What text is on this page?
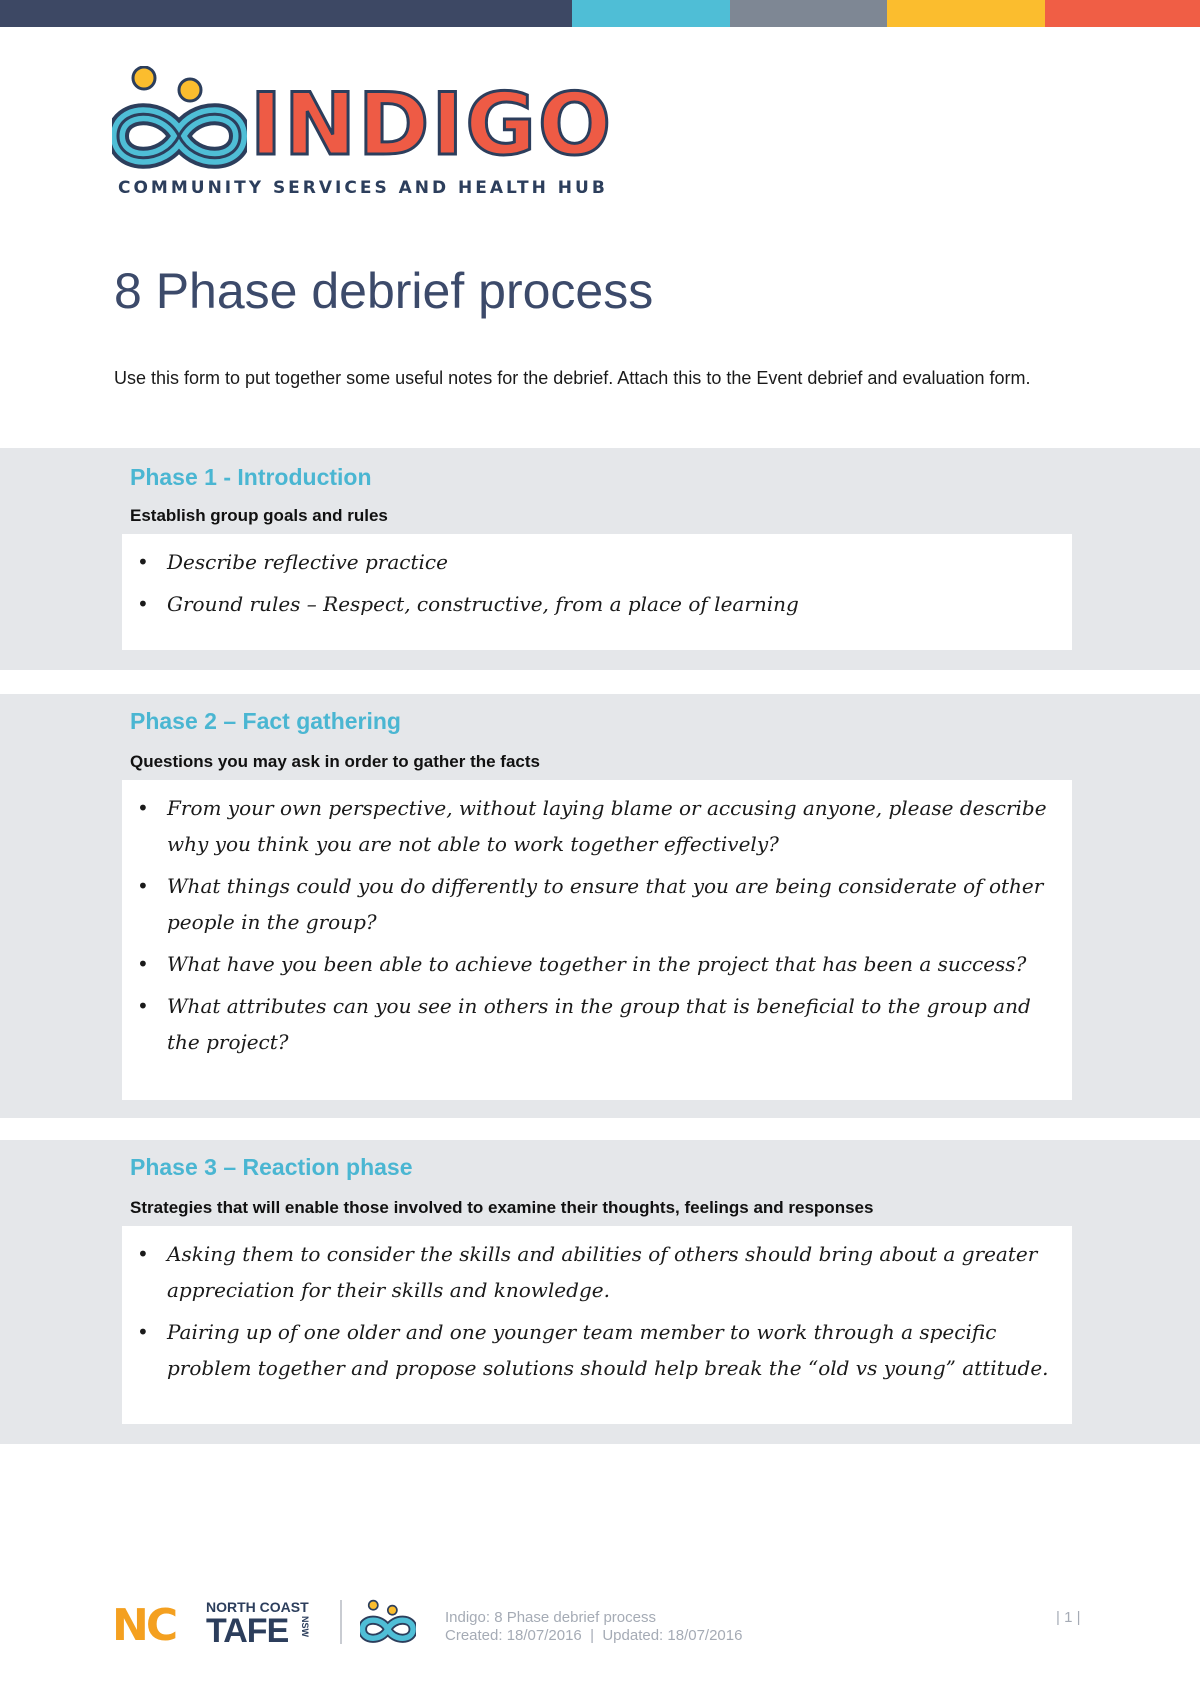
INDIGO
COMMUNITY SERVICES AND HEALTH HUB
8 Phase debrief process

Use this form to put together some useful notes for the debrief. Attach this to the Event debrief and evaluation form.

Phase 1 - Introduction
Establish group goals and rules
• Describe reflective practice
• Ground rules – Respect, constructive, from a place of learning
Phase 2 – Fact gathering
Questions you may ask in order to gather the facts
• From your own perspective, without laying blame or accusing anyone, please describe why you think you are not able to work together effectively?
• What things could you do differently to ensure that you are being considerate of other people in the group?
• What have you been able to achieve together in the project that has been a success?
• What attributes can you see in others in the group that is beneficial to the group and the project?
Phase 3 – Reaction phase
Strategies that will enable those involved to examine their thoughts, feelings and responses
• Asking them to consider the skills and abilities of others should bring about a greater appreciation for their skills and knowledge.
• Pairing up of one older and one younger team member to work through a specific problem together and propose solutions should help break the “old vs young” attitude.
NC NORTH COAST
TAFE NSW	Indigo: 8 Phase debrief process
Created: 18/07/2016  |  Updated: 18/07/2016
| 1 |
